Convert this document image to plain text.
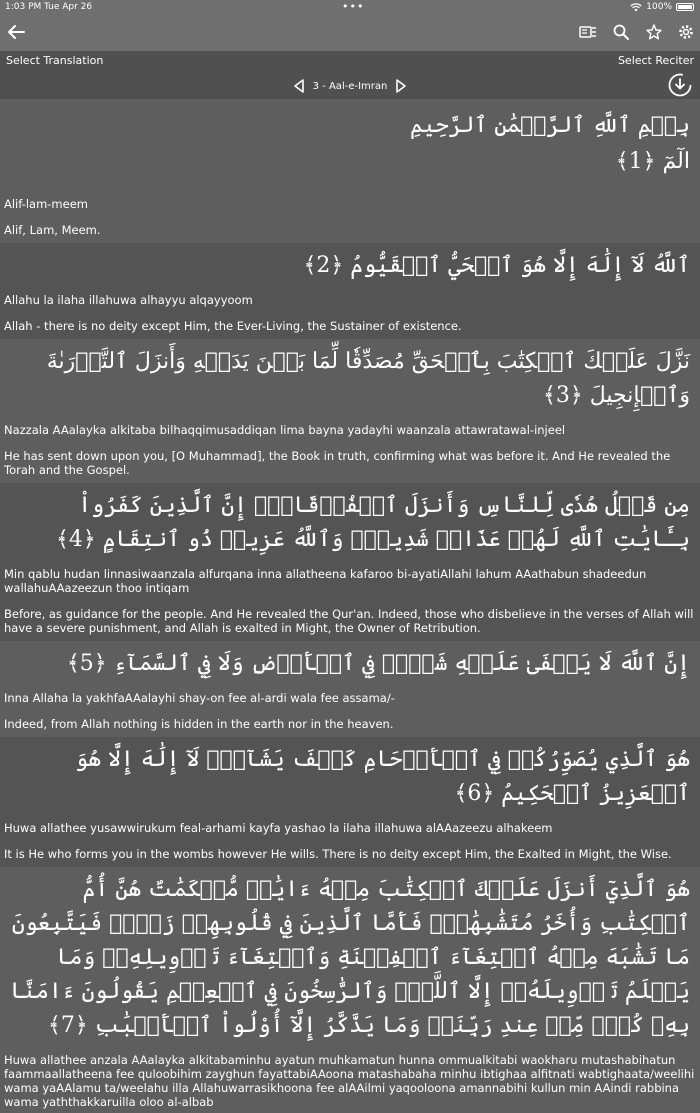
1:03 PM Tue Apr 26	•••	100%
Select Translation	Select Reciter
3 - Aal-e-Imran
بِسۡمِ ٱللَّهِ ٱلرَّحۡمَٰنِ ٱلرَّحِيمِ
الٓمٓ ﴿1﴾
Alif-lam-meem
Alif, Lam, Meem.
ٱللَّهُ لَآ إِلَٰهَ إِلَّا هُوَ ٱلۡحَيُّ ٱلۡقَيُّومُ ﴿2﴾
Allahu la ilaha illahuwa alhayyu alqayyoom
Allah - there is no deity except Him, the Ever-Living, the Sustainer of existence.
نَزَّلَ عَلَيۡكَ ٱلۡكِتَٰبَ بِٱلۡحَقِّ مُصَدِّقٗا لِّمَا بَيۡنَ يَدَيۡهِ وَأَنزَلَ ٱلتَّوۡرَىٰةَ وَٱلۡإِنجِيلَ ﴿3﴾
Nazzala AAalayka alkitaba bilhaqqimusaddiqan lima bayna yadayhi waanzala attawratawal-injeel
He has sent down upon you, [O Muhammad], the Book in truth, confirming what was before it. And He revealed the Torah and the Gospel.
مِن قَبۡلُ هُدٗى لِّلنَّاسِ وَأَنزَلَ ٱلۡفُرۡقَانَۗ إِنَّ ٱلَّذِينَ كَفَرُواْ بِـَٔايَٰتِ ٱللَّهِ لَهُمۡ عَذَابٞ شَدِيدٞۗ وَٱللَّهُ عَزِيزٞ ذُو ٱنتِقَامٍ ﴿4﴾
Min qablu hudan linnasiwaanzala alfurqana inna allatheena kafaroo bi-ayatiAllahi lahum AAathabun shadeedun wallahuAAazeezun thoo intiqam
Before, as guidance for the people. And He revealed the Qur'an. Indeed, those who disbelieve in the verses of Allah will have a severe punishment, and Allah is exalted in Might, the Owner of Retribution.
إِنَّ ٱللَّهَ لَا يَخۡفَىٰ عَلَيۡهِ شَيۡءٞ فِي ٱلۡأَرۡضِ وَلَا فِي ٱلسَّمَآءِ ﴿5﴾
Inna Allaha la yakhfaAAalayhi shay-on fee al-ardi wala fee assama/-
Indeed, from Allah nothing is hidden in the earth nor in the heaven.
هُوَ ٱلَّذِي يُصَوِّرُكُمۡ فِي ٱلۡأَرۡحَامِ كَيۡفَ يَشَآءُۚ لَآ إِلَٰهَ إِلَّا هُوَ ٱلۡعَزِيزُ ٱلۡحَكِيمُ ﴿6﴾
Huwa allathee yusawwirukum feal-arhami kayfa yashao la ilaha illahuwa alAAazeezu alhakeem
It is He who forms you in the wombs however He wills. There is no deity except Him, the Exalted in Might, the Wise.
هُوَ ٱلَّذِيٓ أَنزَلَ عَلَيۡكَ ٱلۡكِتَٰبَ مِنۡهُ ءَايَٰتٞ مُّحۡكَمَٰتٌ هُنَّ أُمُّ ٱلۡكِتَٰبِ وَأُخَرُ مُتَشَٰبِهَٰتٞۖ فَأَمَّا ٱلَّذِينَ فِي قُلُوبِهِمۡ زَيۡغٞ فَيَتَّبِعُونَ مَا تَشَٰبَهَ مِنۡهُ ٱبۡتِغَآءَ ٱلۡفِتۡنَةِ وَٱبۡتِغَآءَ تَأۡوِيلِهِۦۖ وَمَا يَعۡلَمُ تَأۡوِيلَهُۥٓ إِلَّا ٱللَّهُۗ وَٱلرَّٰسِخُونَ فِي ٱلۡعِلۡمِ يَقُولُونَ ءَامَنَّا بِهِۦ كُلّٞ مِّنۡ عِندِ رَبِّنَاۗ وَمَا يَذَّكَّرُ إِلَّآ أُوْلُواْ ٱلۡأَلۡبَٰبِ ﴿7﴾
Huwa allathee anzala AAalayka alkitabaminhu ayatun muhkamatun hunna ommualkitabi waokharu mutashabihatun faammaallatheena fee quloobihim zayghun fayattabiAAoona matashabaha minhu ibtighaa alfitnati wabtighaata/weelihi wama yaAAlamu ta/weelahu illa Allahuwarrasikhoona fee alAAilmi yaqooloona amannabihi kullun min AAindi rabbina wama yaththakkaruilla oloo al-albab
